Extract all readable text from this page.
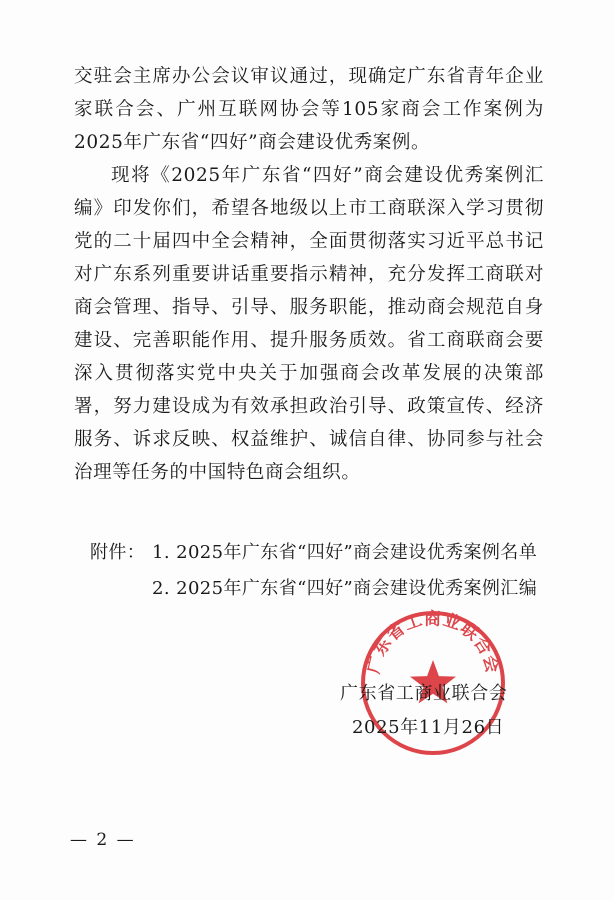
交驻会主席办公会议审议通过，现确定广东省青年企业家联合会、广州互联网协会等105家商会工作案例为2025年广东省“四好”商会建设优秀案例。

现将《2025年广东省“四好”商会建设优秀案例汇编》印发你们，希望各地级以上市工商联深入学习贯彻党的二十届四中全会精神，全面贯彻落实习近平总书记对广东系列重要讲话重要指示精神，充分发挥工商联对商会管理、指导、引导、服务职能，推动商会规范自身建设、完善职能作用、提升服务质效。省工商联商会要深入贯彻落实党中央关于加强商会改革发展的决策部署，努力建设成为有效承担政治引导、政策宣传、经济服务、诉求反映、权益维护、诚信自律、协同参与社会治理等任务的中国特色商会组织。

附件： 1. 2025年广东省“四好”商会建设优秀案例名单
2. 2025年广东省“四好”商会建设优秀案例汇编
广东省工商业联合会
广东省工商业联合会
2025年11月26日
— 2 —
